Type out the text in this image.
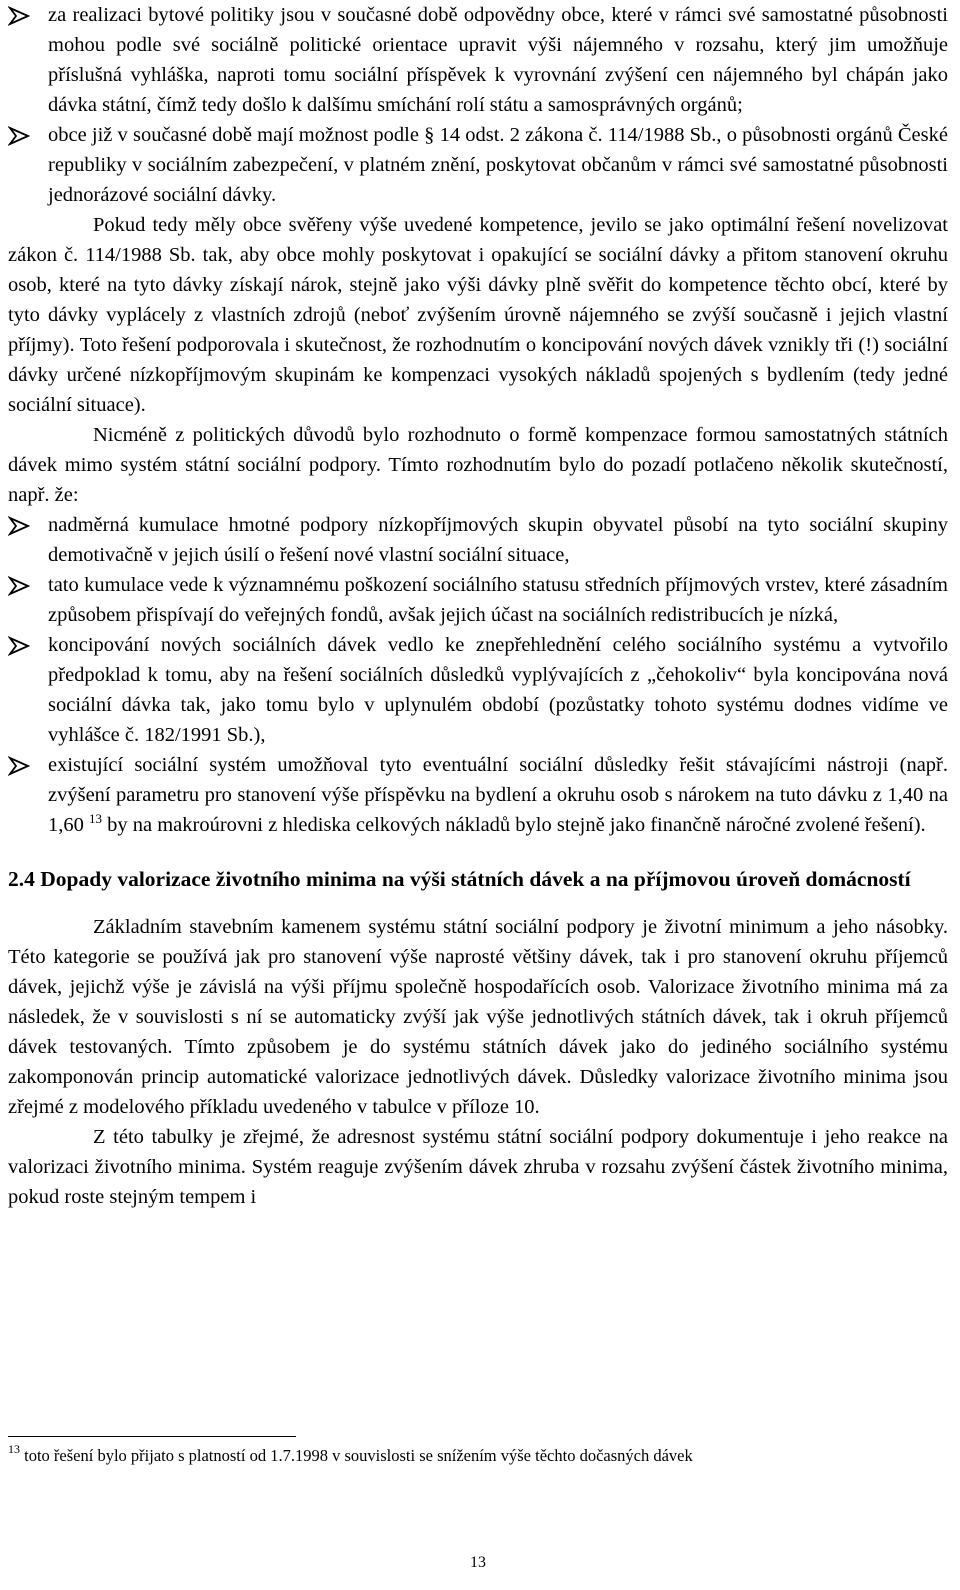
za realizaci bytové politiky jsou v současné době odpovědny obce, které v rámci své samostatné působnosti mohou podle své sociálně politické orientace upravit výši nájemného v rozsahu, který jim umožňuje příslušná vyhláška, naproti tomu sociální příspěvek k vyrovnání zvýšení cen nájemného byl chápán jako dávka státní, čímž tedy došlo k dalšímu smíchání rolí státu a samosprávných orgánů;

obce již v současné době mají možnost podle § 14 odst. 2 zákona č. 114/1988 Sb., o působnosti orgánů České republiky v sociálním zabezpečení, v platném znění, poskytovat občanům v rámci své samostatné působnosti jednorázové sociální dávky.

Pokud tedy měly obce svěřeny výše uvedené kompetence, jevilo se jako optimální řešení novelizovat zákon č. 114/1988 Sb. tak, aby obce mohly poskytovat i opakující se sociální dávky a přitom stanovení okruhu osob, které na tyto dávky získají nárok, stejně jako výši dávky plně svěřit do kompetence těchto obcí, které by tyto dávky vyplácely z vlastních zdrojů (neboť zvýšením úrovně nájemného se zvýší současně i jejich vlastní příjmy). Toto řešení podporovala i skutečnost, že rozhodnutím o koncipování nových dávek vznikly tři (!) sociální dávky určené nízkopříjmovým skupinám ke kompenzaci vysokých nákladů spojených s bydlením (tedy jedné sociální situace).

Nicméně z politických důvodů bylo rozhodnuto o formě kompenzace formou samostatných státních dávek mimo systém státní sociální podpory. Tímto rozhodnutím bylo do pozadí potlačeno několik skutečností, např. že:

nadměrná kumulace hmotné podpory nízkopříjmových skupin obyvatel působí na tyto sociální skupiny demotivačně v jejich úsilí o řešení nové vlastní sociální situace,

tato kumulace vede k významnému poškození sociálního statusu středních příjmových vrstev, které zásadním způsobem přispívají do veřejných fondů, avšak jejich účast na sociálních redistribucích je nízká,

koncipování nových sociálních dávek vedlo ke znepřehlednění celého sociálního systému a vytvořilo předpoklad k tomu, aby na řešení sociálních důsledků vyplývajících z „čehokoliv“ byla koncipována nová sociální dávka tak, jako tomu bylo v uplynulém období (pozůstatky tohoto systému dodnes vidíme ve vyhlášce č. 182/1991 Sb.),

existující sociální systém umožňoval tyto eventuální sociální důsledky řešit stávajícími nástroji (např. zvýšení parametru pro stanovení výše příspěvku na bydlení a okruhu osob s nárokem na tuto dávku z 1,40 na 1,60 $^{13}$ by na makroúrovni z hlediska celkových nákladů bylo stejně jako finančně náročné zvolené řešení).

2.4 Dopady valorizace životního minima na výši státních dávek a na příjmovou úroveň domácností

Základním stavebním kamenem systému státní sociální podpory je životní minimum a jeho násobky. Této kategorie se používá jak pro stanovení výše naprosté většiny dávek, tak i pro stanovení okruhu příjemců dávek, jejichž výše je závislá na výši příjmu společně hospodařících osob. Valorizace životního minima má za následek, že v souvislosti s ní se automaticky zvýší jak výše jednotlivých státních dávek, tak i okruh příjemců dávek testovaných. Tímto způsobem je do systému státních dávek jako do jediného sociálního systému zakomponován princip automatické valorizace jednotlivých dávek. Důsledky valorizace životního minima jsou zřejmé z modelového příkladu uvedeného v tabulce v příloze 10.

Z této tabulky je zřejmé, že adresnost systému státní sociální podpory dokumentuje i jeho reakce na valorizaci životního minima. Systém reaguje zvýšením dávek zhruba v rozsahu zvýšení částek životního minima, pokud roste stejným tempem i

$^{13}$ toto řešení bylo přijato s platností od 1.7.1998 v souvislosti se snížením výše těchto dočasných dávek
13
